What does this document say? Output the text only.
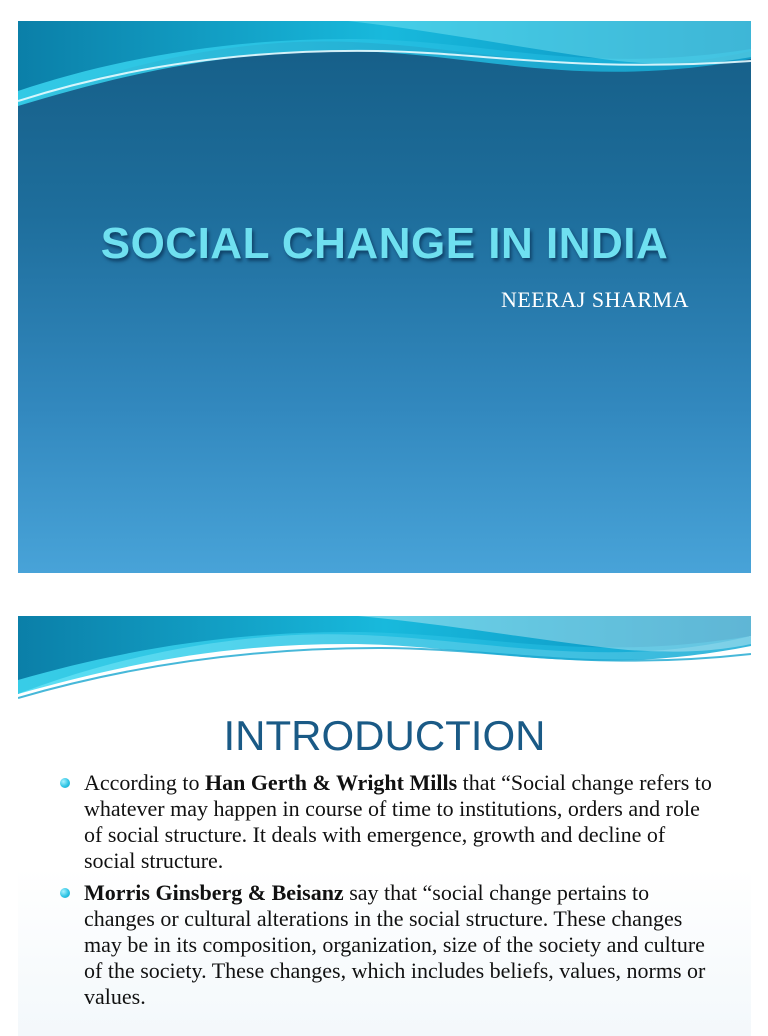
SOCIAL CHANGE IN INDIA
NEERAJ SHARMA
INTRODUCTION
According to Han Gerth & Wright Mills that “Social change refers to whatever may happen in course of time to institutions, orders and role of social structure. It deals with emergence, growth and decline of social structure.
Morris Ginsberg & Beisanz say that “social change pertains to changes or cultural alterations in the social structure. These changes may be in its composition, organization, size of the society and culture of the society. These changes, which includes beliefs, values, norms or values.
